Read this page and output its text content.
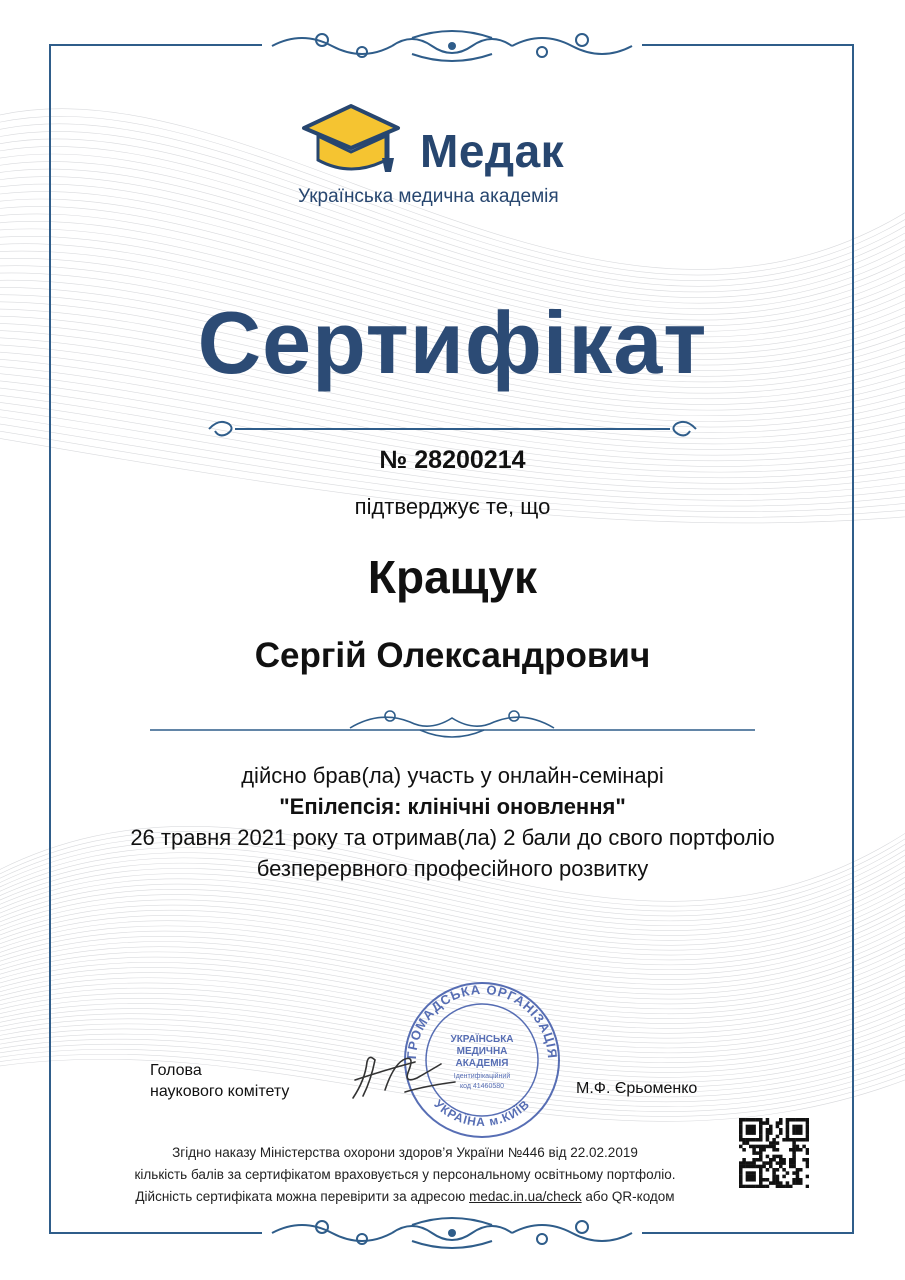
Медак
Українська медична академія
Сертифікат
№ 28200214
підтверджує те, що
Кращук
Сергій Олександрович
дійсно брав(ла) участь у онлайн-семінарі
"Епілепсія: клінічні оновлення"
26 травня 2021 року та отримав(ла) 2 бали до свого портфоліо
безперервного професійного розвитку
ГРОМАДСЬКА ОРГАНІЗАЦІЯ
УКРАЇНА м.КИЇВ
УКРАЇНСЬКА
МЕДИЧНА
АКАДЕМІЯ
Ідентифікаційний
код 41460580
Голова
наукового комітету	М.Ф. Єрьоменко
Згідно наказу Міністерства охорони здоров’я України №446 від 22.02.2019
кількість балів за сертифікатом враховується у персональному освітньому портфоліо.
Дійсність сертифіката можна перевірити за адресою medac.in.ua/check або QR-кодом
